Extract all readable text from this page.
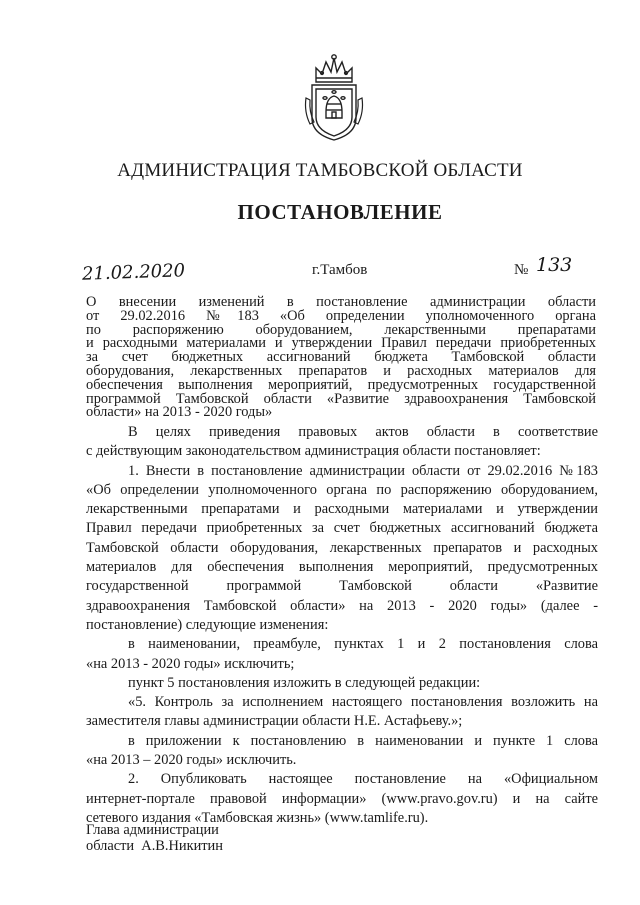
АДМИНИСТРАЦИЯ ТАМБОВСКОЙ ОБЛАСТИ
ПОСТАНОВЛЕНИЕ
21.02.2020	г.Тамбов	№ 133
О внесении изменений в постановление администрации области
от 29.02.2016 №183 «Об определении уполномоченного органа
по распоряжению оборудованием, лекарственными препаратами
и расходными материалами и утверждении Правил передачи приобретенных
за счет бюджетных ассигнований бюджета Тамбовской области
оборудования, лекарственных препаратов и расходных материалов для
обеспечения выполнения мероприятий, предусмотренных государственной
программой Тамбовской области «Развитие здравоохранения Тамбовской
области» на 2013 - 2020 годы»
В целях приведения правовых актов области в соответствие
с действующим законодательством администрация области постановляет:
1. Внести в постановление администрации области от 29.02.2016 №183
«Об определении уполномоченного органа по распоряжению оборудованием,
лекарственными препаратами и расходными материалами и утверждении
Правил передачи приобретенных за счет бюджетных ассигнований бюджета
Тамбовской области оборудования, лекарственных препаратов и расходных
материалов для обеспечения выполнения мероприятий, предусмотренных
государственной программой Тамбовской области «Развитие
здравоохранения Тамбовской области» на 2013 - 2020 годы» (далее -
постановление) следующие изменения:
в наименовании, преамбуле, пунктах 1 и 2 постановления слова
«на 2013 - 2020 годы» исключить;
пункт 5 постановления изложить в следующей редакции:
«5. Контроль за исполнением настоящего постановления возложить на
заместителя главы администрации области Н.Е. Астафьеву.»;
в приложении к постановлению в наименовании и пункте 1 слова
«на 2013 – 2020 годы» исключить.
2. Опубликовать настоящее постановление на «Официальном
интернет-портале правовой информации» (www.pravo.gov.ru) и на сайте
сетевого издания «Тамбовская жизнь» (www.tamlife.ru).
Глава администрации
области  А.В.Никитин
